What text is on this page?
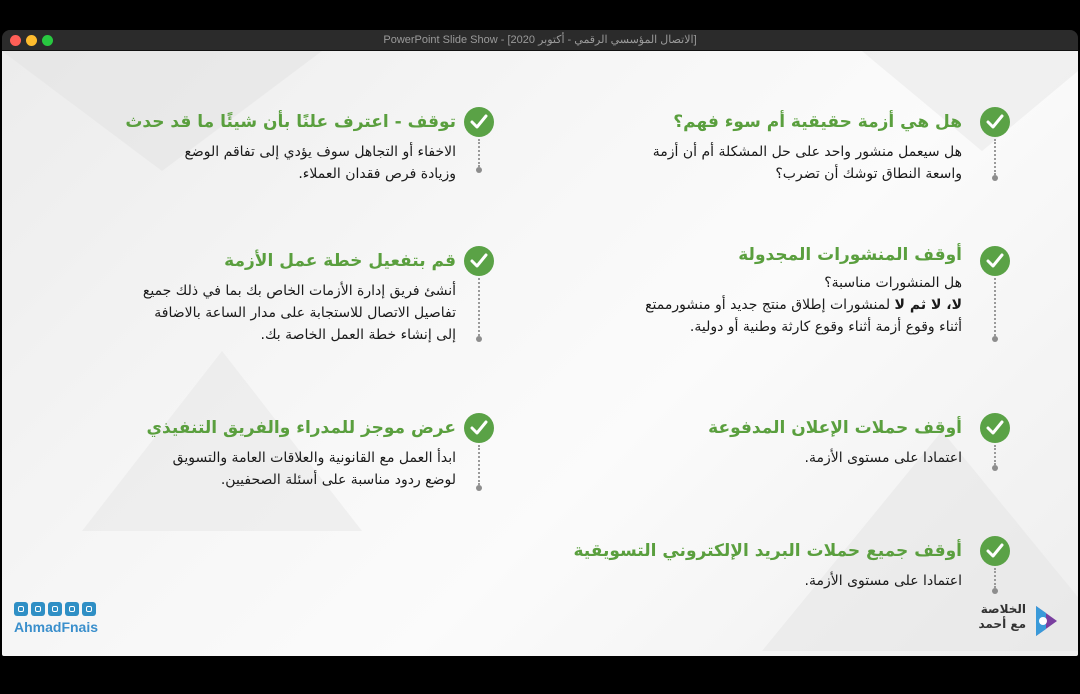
PowerPoint Slide Show - [الاتصال المؤسسي الرقمي - أكتوبر 2020]
هل هي أزمة حقيقية أم سوء فهم؟
هل سيعمل منشور واحد على حل المشكلة أم أن أزمة
واسعة النطاق توشك أن تضرب؟
أوقف المنشورات المجدولة
هل المنشورات مناسبة؟
لا، لا ثم لا لمنشورات إطلاق منتج جديد أو منشورممتع
أثناء وقوع أزمة أثناء وقوع كارثة وطنية أو دولية.
أوقف حملات الإعلان المدفوعة
اعتمادا على مستوى الأزمة.
أوقف جميع حملات البريد الإلكتروني التسويقية
اعتمادا على مستوى الأزمة.
توقف - اعترف علنًا بأن شيئًا ما قد حدث
الاخفاء أو التجاهل سوف يؤدي إلى تفاقم الوضع
وزيادة فرص فقدان العملاء.
قم بتفعيل خطة عمل الأزمة
أنشئ فريق إدارة الأزمات الخاص بك بما في ذلك جميع
تفاصيل الاتصال للاستجابة على مدار الساعة بالاضافة
إلى إنشاء خطة العمل الخاصة بك.
عرض موجز للمدراء والفريق التنفيذي
ابدأ العمل مع القانونية والعلاقات العامة والتسويق
لوضع ردود مناسبة على أسئلة الصحفيين.
AhmadFnais
الخلاصة
مع أحمد
